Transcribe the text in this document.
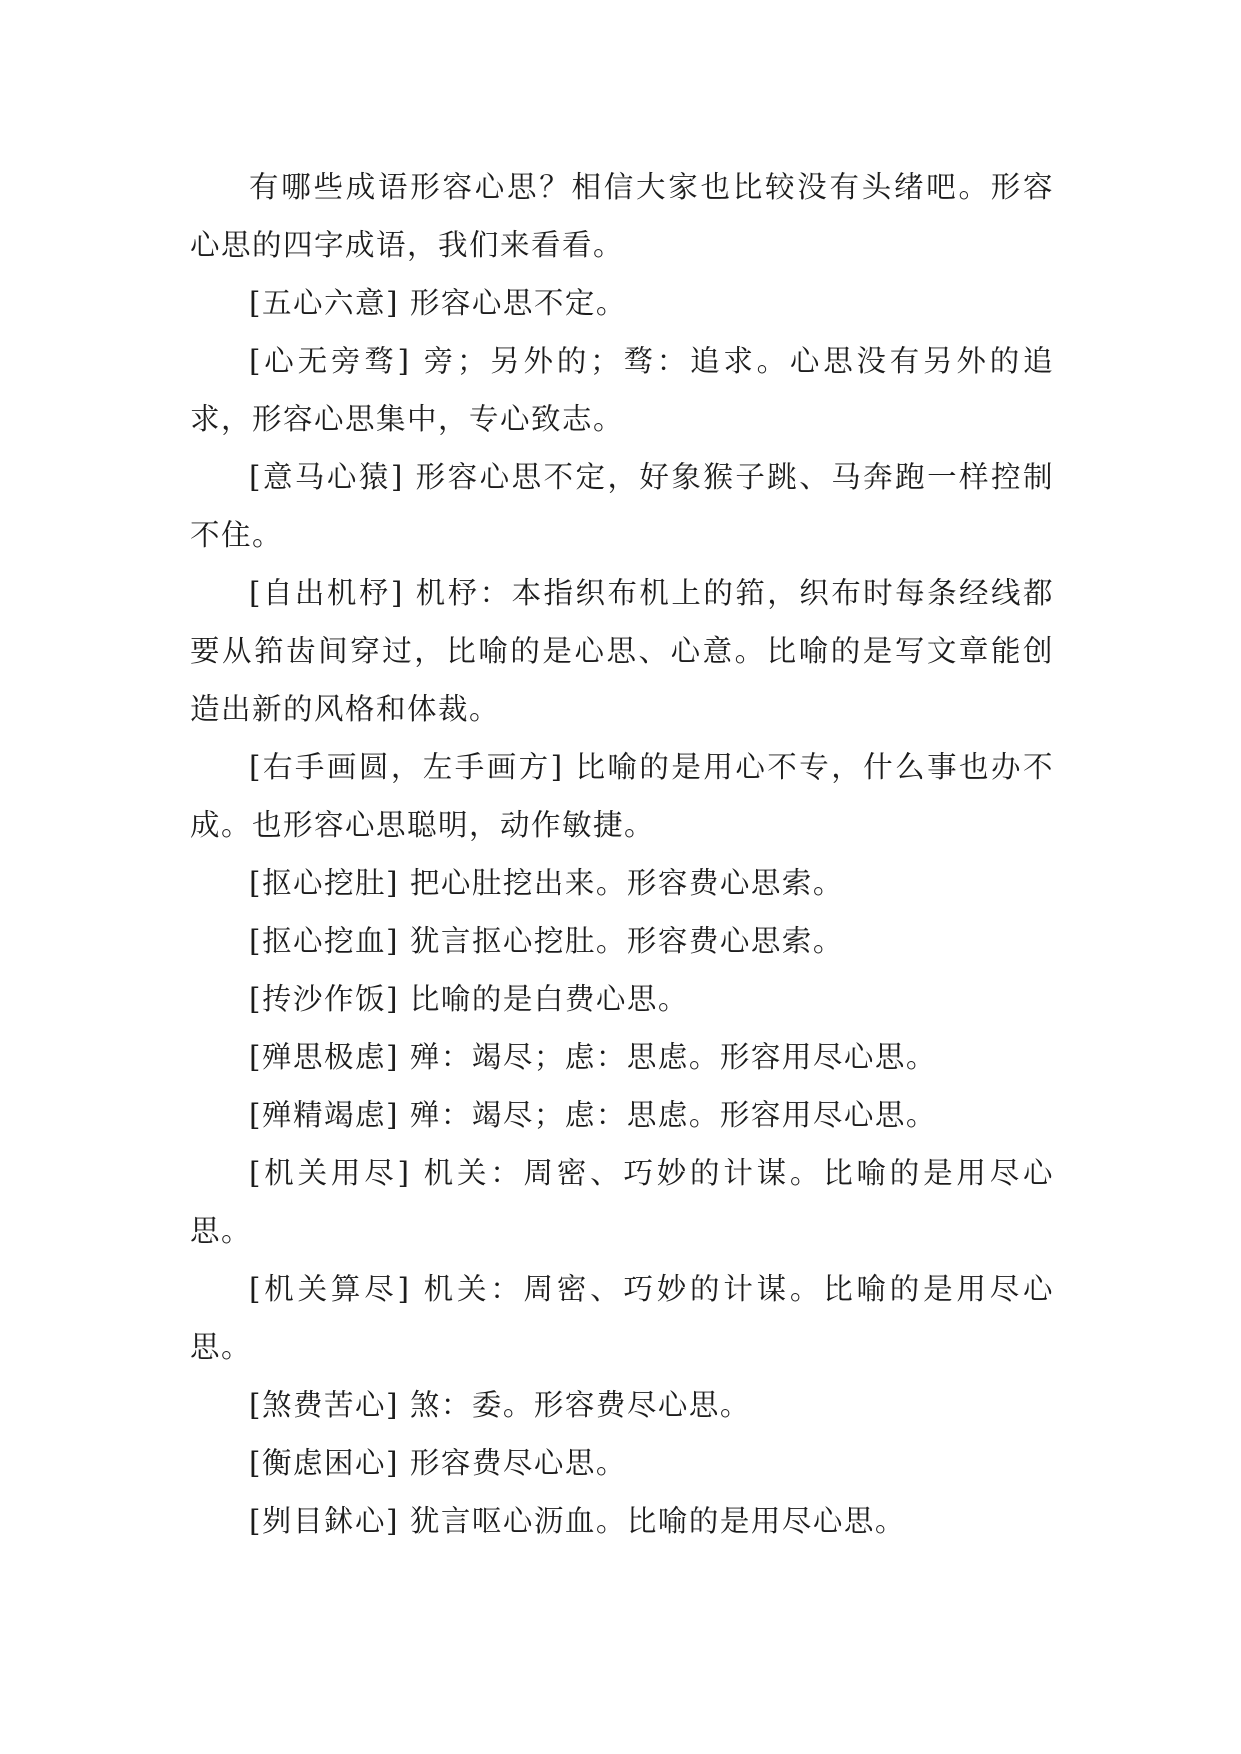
有哪些成语形容心思？相信大家也比较没有头绪吧。形容心思的四字成语，我们来看看。

[五心六意] 形容心思不定。

[心无旁骛] 旁；另外的；骛：追求。心思没有另外的追求，形容心思集中，专心致志。

[意马心猿] 形容心思不定，好象猴子跳、马奔跑一样控制不住。

[自出机杼] 机杼：本指织布机上的筘，织布时每条经线都要从筘齿间穿过，比喻的是心思、心意。比喻的是写文章能创造出新的风格和体裁。

[右手画圆，左手画方] 比喻的是用心不专，什么事也办不成。也形容心思聪明，动作敏捷。

[抠心挖肚] 把心肚挖出来。形容费心思索。

[抠心挖血] 犹言抠心挖肚。形容费心思索。

[抟沙作饭] 比喻的是白费心思。

[殚思极虑] 殚：竭尽；虑：思虑。形容用尽心思。

[殚精竭虑] 殚：竭尽；虑：思虑。形容用尽心思。

[机关用尽] 机关：周密、巧妙的计谋。比喻的是用尽心思。

[机关算尽] 机关：周密、巧妙的计谋。比喻的是用尽心思。

[煞费苦心] 煞：委。形容费尽心思。

[衡虑困心] 形容费尽心思。

[刿目鉥心] 犹言呕心沥血。比喻的是用尽心思。
